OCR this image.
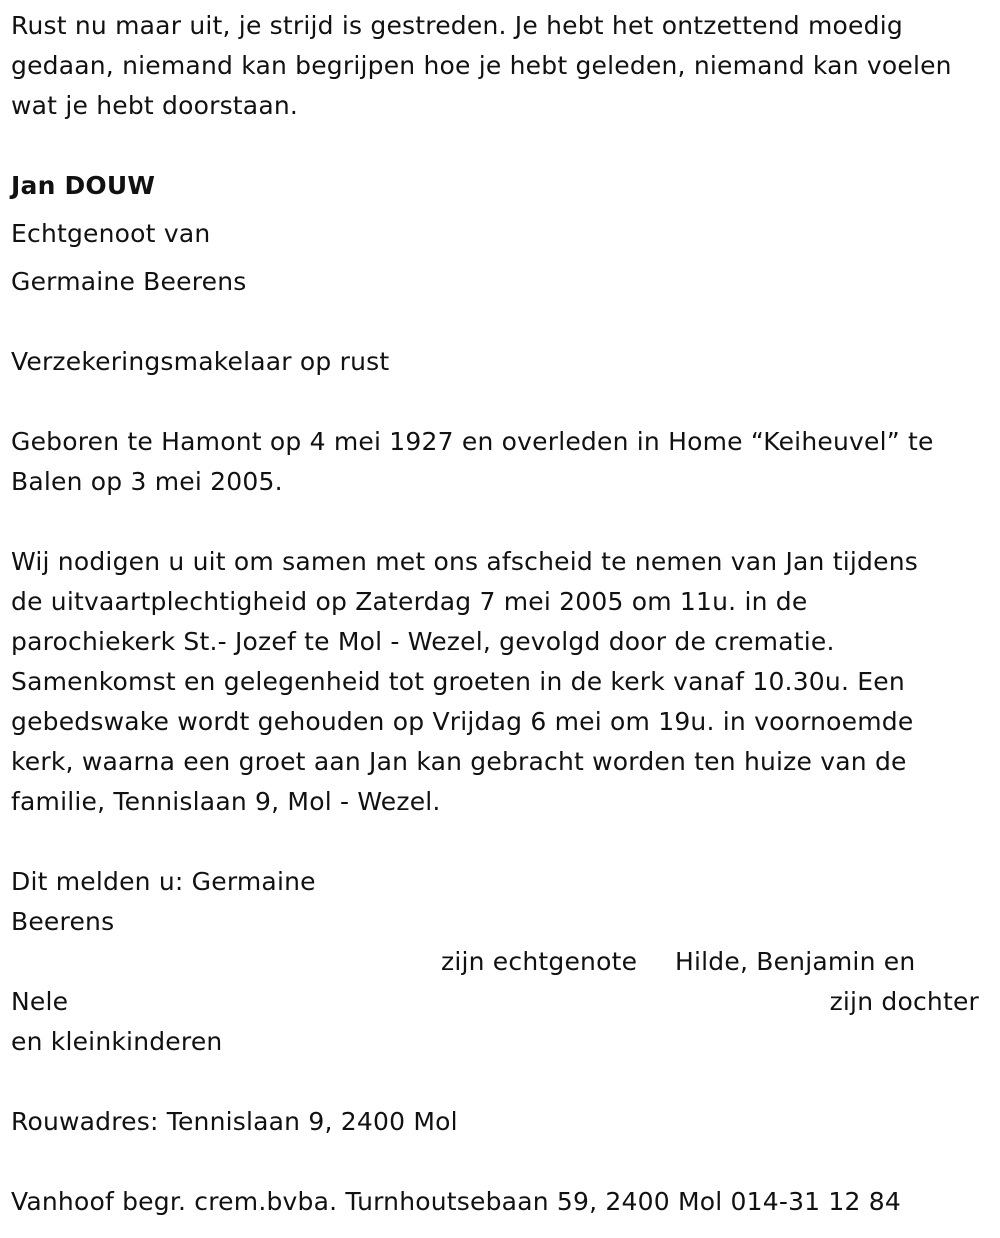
Rust nu maar uit, je strijd is gestreden. Je hebt het ontzettend moedig
gedaan, niemand kan begrijpen hoe je hebt geleden, niemand kan voelen
wat je hebt doorstaan.
Jan DOUW
Echtgenoot van
Germaine Beerens
Verzekeringsmakelaar op rust
Geboren te Hamont op 4 mei 1927 en overleden in Home “Keiheuvel” te
Balen op 3 mei 2005.
Wij nodigen u uit om samen met ons afscheid te nemen van Jan tijdens
de uitvaartplechtigheid op Zaterdag 7 mei 2005 om 11u. in de
parochiekerk St.- Jozef te Mol - Wezel, gevolgd door de crematie.
Samenkomst en gelegenheid tot groeten in de kerk vanaf 10.30u. Een
gebedswake wordt gehouden op Vrijdag 6 mei om 19u. in voornoemde
kerk, waarna een groet aan Jan kan gebracht worden ten huize van de
familie, Tennislaan 9, Mol - Wezel.
Dit melden u: Germaine
Beerens
zijn echtgenote Hilde, Benjamin en
Nele	zijn dochter
en kleinkinderen
Rouwadres: Tennislaan 9, 2400 Mol
Vanhoof begr. crem.bvba. Turnhoutsebaan 59, 2400 Mol 014-31 12 84
